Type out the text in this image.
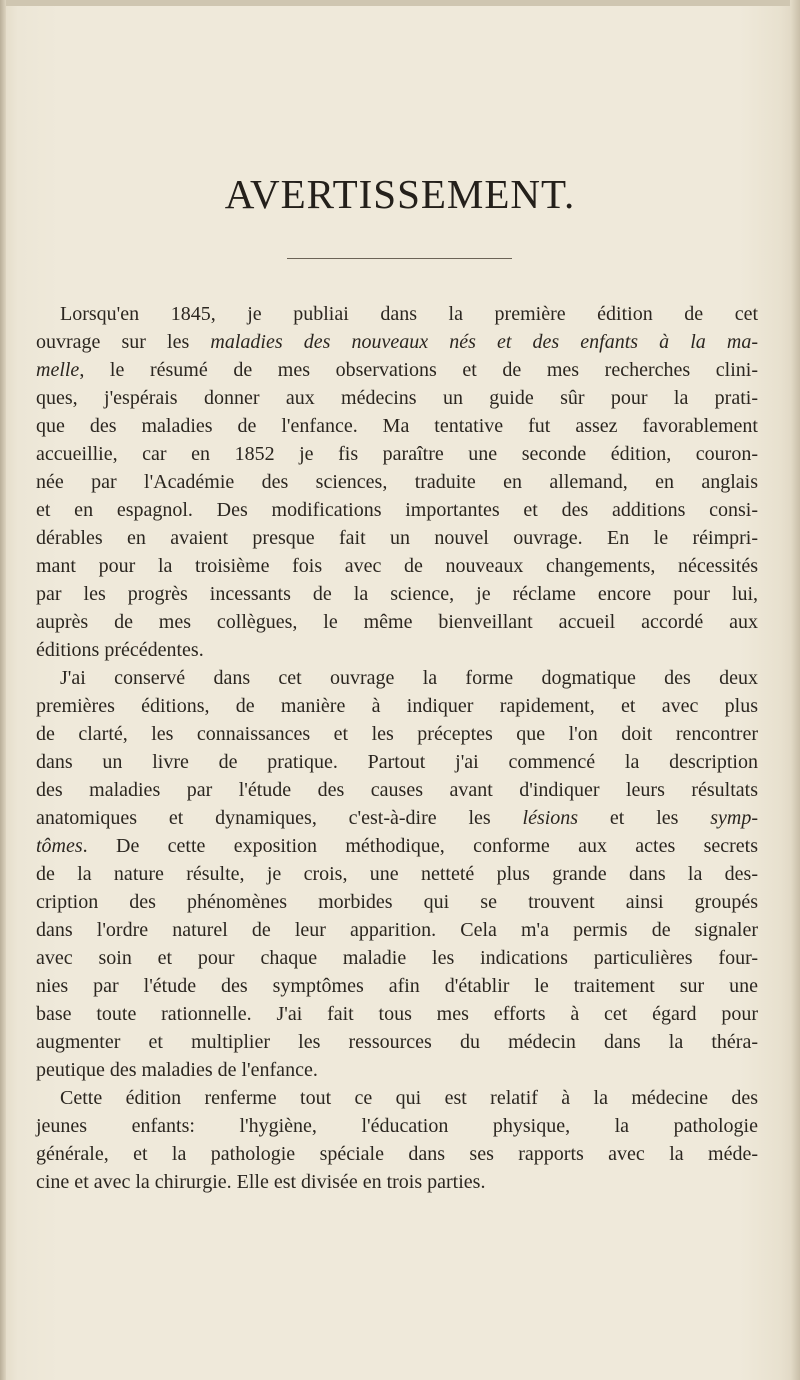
AVERTISSEMENT.
Lorsqu'en 1845, je publiai dans la première édition de cet
ouvrage sur les maladies des nouveaux nés et des enfants à la ma-
melle, le résumé de mes observations et de mes recherches clini-
ques, j'espérais donner aux médecins un guide sûr pour la prati-
que des maladies de l'enfance. Ma tentative fut assez favorablement
accueillie, car en 1852 je fis paraître une seconde édition, couron-
née par l'Académie des sciences, traduite en allemand, en anglais
et en espagnol. Des modifications importantes et des additions consi-
dérables en avaient presque fait un nouvel ouvrage. En le réimpri-
mant pour la troisième fois avec de nouveaux changements, nécessités
par les progrès incessants de la science, je réclame encore pour lui,
auprès de mes collègues, le même bienveillant accueil accordé aux
éditions précédentes.
J'ai conservé dans cet ouvrage la forme dogmatique des deux
premières éditions, de manière à indiquer rapidement, et avec plus
de clarté, les connaissances et les préceptes que l'on doit rencontrer
dans un livre de pratique. Partout j'ai commencé la description
des maladies par l'étude des causes avant d'indiquer leurs résultats
anatomiques et dynamiques, c'est-à-dire les lésions et les symp-
tômes. De cette exposition méthodique, conforme aux actes secrets
de la nature résulte, je crois, une netteté plus grande dans la des-
cription des phénomènes morbides qui se trouvent ainsi groupés
dans l'ordre naturel de leur apparition. Cela m'a permis de signaler
avec soin et pour chaque maladie les indications particulières four-
nies par l'étude des symptômes afin d'établir le traitement sur une
base toute rationnelle. J'ai fait tous mes efforts à cet égard pour
augmenter et multiplier les ressources du médecin dans la théra-
peutique des maladies de l'enfance.
Cette édition renferme tout ce qui est relatif à la médecine des
jeunes enfants: l'hygiène, l'éducation physique, la pathologie
générale, et la pathologie spéciale dans ses rapports avec la méde-
cine et avec la chirurgie. Elle est divisée en trois parties.
